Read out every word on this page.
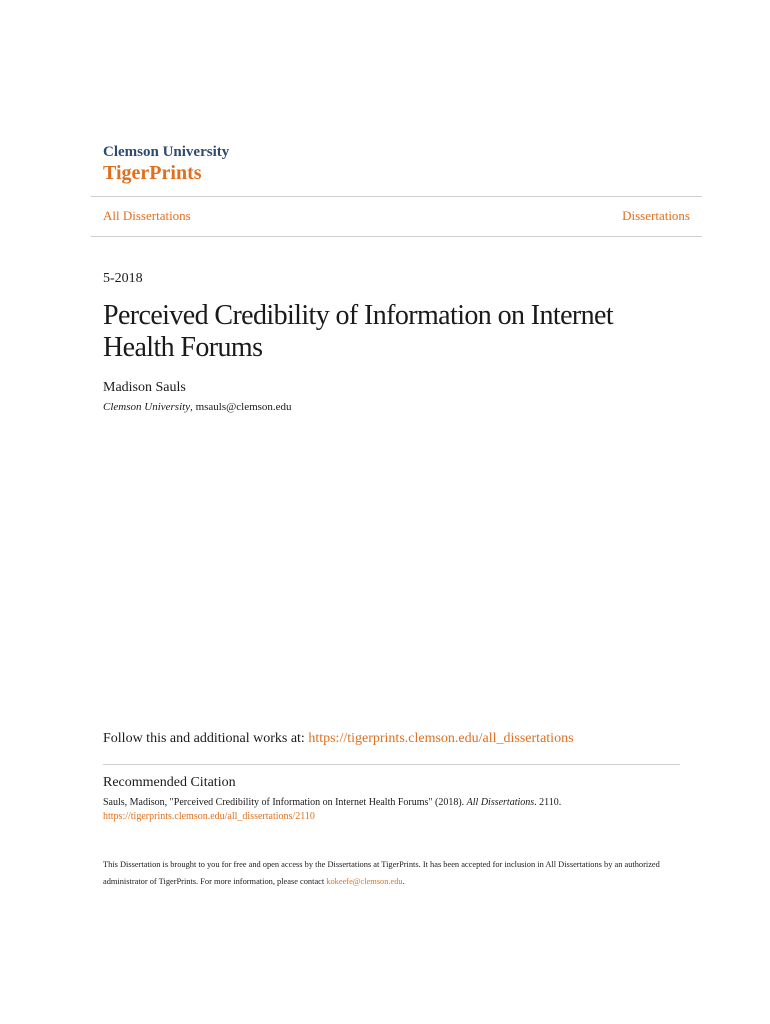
Clemson University
TigerPrints
All Dissertations	Dissertations
5-2018
Perceived Credibility of Information on Internet Health Forums
Madison Sauls
Clemson University, msauls@clemson.edu
Follow this and additional works at: https://tigerprints.clemson.edu/all_dissertations
Recommended Citation
Sauls, Madison, "Perceived Credibility of Information on Internet Health Forums" (2018). All Dissertations. 2110.
https://tigerprints.clemson.edu/all_dissertations/2110
This Dissertation is brought to you for free and open access by the Dissertations at TigerPrints. It has been accepted for inclusion in All Dissertations by an authorized administrator of TigerPrints. For more information, please contact kokeefe@clemson.edu.
